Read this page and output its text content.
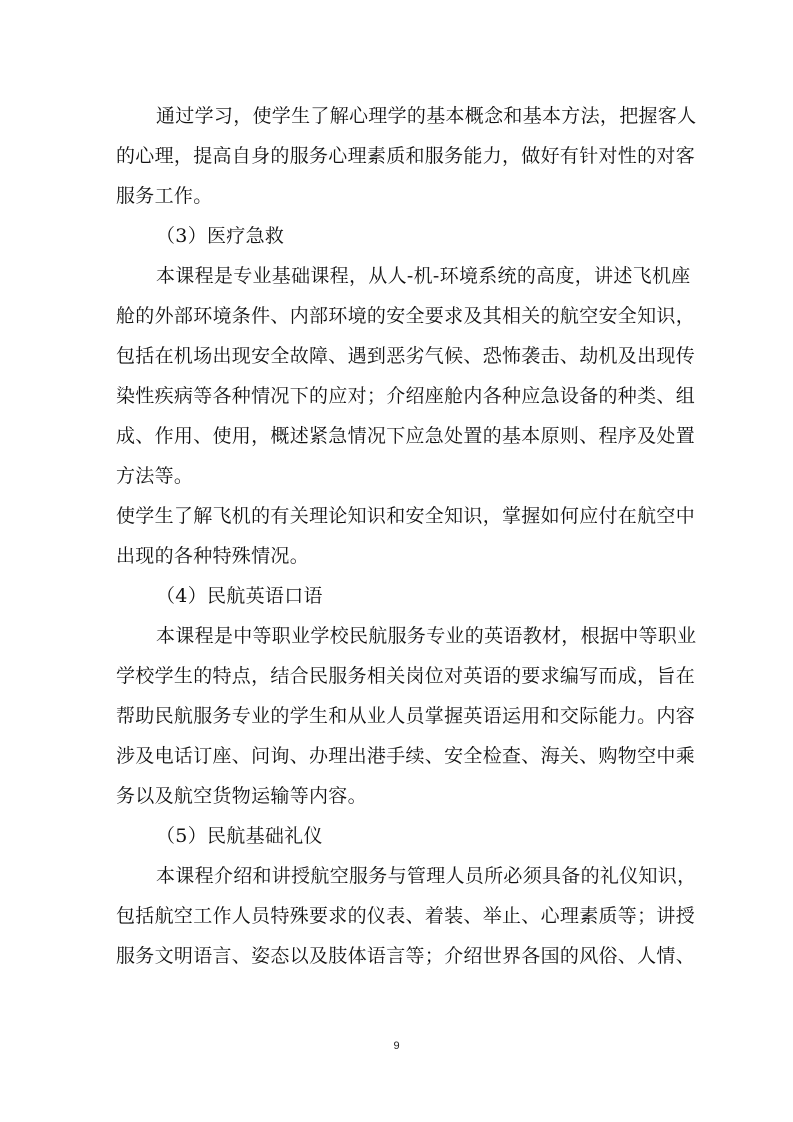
通过学习，使学生了解心理学的基本概念和基本方法，把握客人
的心理，提高自身的服务心理素质和服务能力，做好有针对性的对客
服务工作。
（3）医疗急救
本课程是专业基础课程，从人-机-环境系统的高度，讲述飞机座
舱的外部环境条件、内部环境的安全要求及其相关的航空安全知识，
包括在机场出现安全故障、遇到恶劣气候、恐怖袭击、劫机及出现传
染性疾病等各种情况下的应对；介绍座舱内各种应急设备的种类、组
成、作用、使用，概述紧急情况下应急处置的基本原则、程序及处置
方法等。
使学生了解飞机的有关理论知识和安全知识，掌握如何应付在航空中
出现的各种特殊情况。
（4）民航英语口语
本课程是中等职业学校民航服务专业的英语教材，根据中等职业
学校学生的特点，结合民服务相关岗位对英语的要求编写而成，旨在
帮助民航服务专业的学生和从业人员掌握英语运用和交际能力。内容
涉及电话订座、问询、办理出港手续、安全检查、海关、购物空中乘
务以及航空货物运输等内容。
（5）民航基础礼仪
本课程介绍和讲授航空服务与管理人员所必须具备的礼仪知识，
包括航空工作人员特殊要求的仪表、着装、举止、心理素质等；讲授
服务文明语言、姿态以及肢体语言等；介绍世界各国的风俗、人情、
9
